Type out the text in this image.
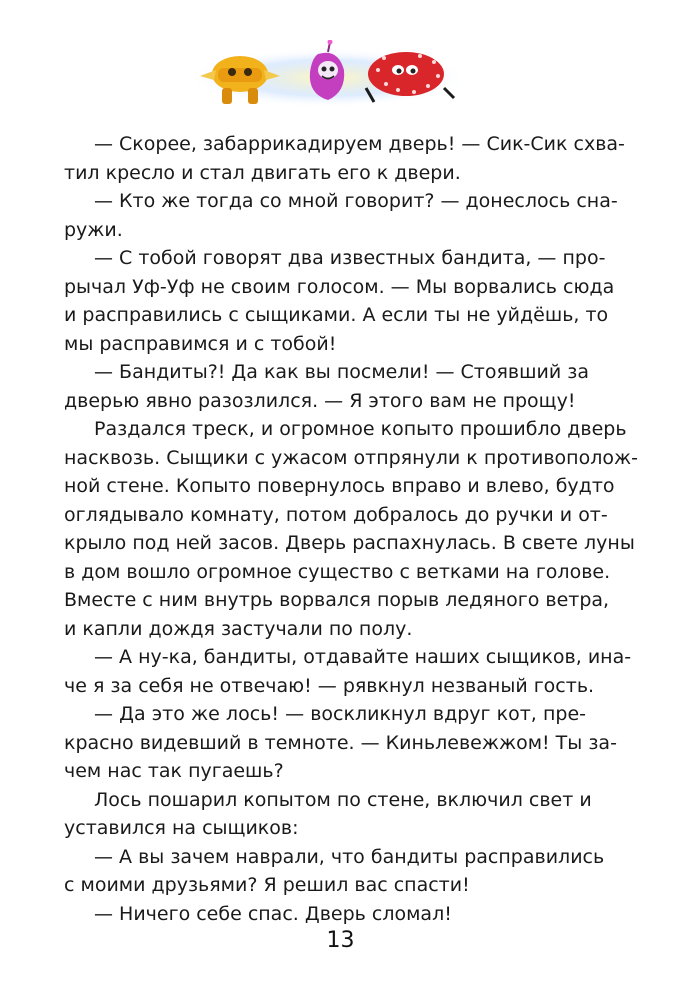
— Скорее, забаррикадируем дверь! — Сик-Сик схва-
тил кресло и стал двигать его к двери.
— Кто же тогда со мной говорит? — донеслось сна-
ружи.
— С тобой говорят два известных бандита, — про-
рычал Уф-Уф не своим голосом. — Мы ворвались сюда
и расправились с сыщиками. А если ты не уйдёшь, то
мы расправимся и с тобой!
— Бандиты?! Да как вы посмели! — Стоявший за
дверью явно разозлился. — Я этого вам не прощу!
Раздался треск, и огромное копыто прошибло дверь
насквозь. Сыщики с ужасом отпрянули к противополож-
ной стене. Копыто повернулось вправо и влево, будто
оглядывало комнату, потом добралось до ручки и от-
крыло под ней засов. Дверь распахнулась. В свете луны
в дом вошло огромное существо с ветками на голове.
Вместе с ним внутрь ворвался порыв ледяного ветра,
и капли дождя застучали по полу.
— А ну-ка, бандиты, отдавайте наших сыщиков, ина-
че я за себя не отвечаю! — рявкнул незваный гость.
— Да это же лось! — воскликнул вдруг кот, пре-
красно видевший в темноте. — Киньлевежжом! Ты за-
чем нас так пугаешь?
Лось пошарил копытом по стене, включил свет и
уставился на сыщиков:
— А вы зачем наврали, что бандиты расправились
с моими друзьями? Я решил вас спасти!
— Ничего себе спас. Дверь сломал!
13
